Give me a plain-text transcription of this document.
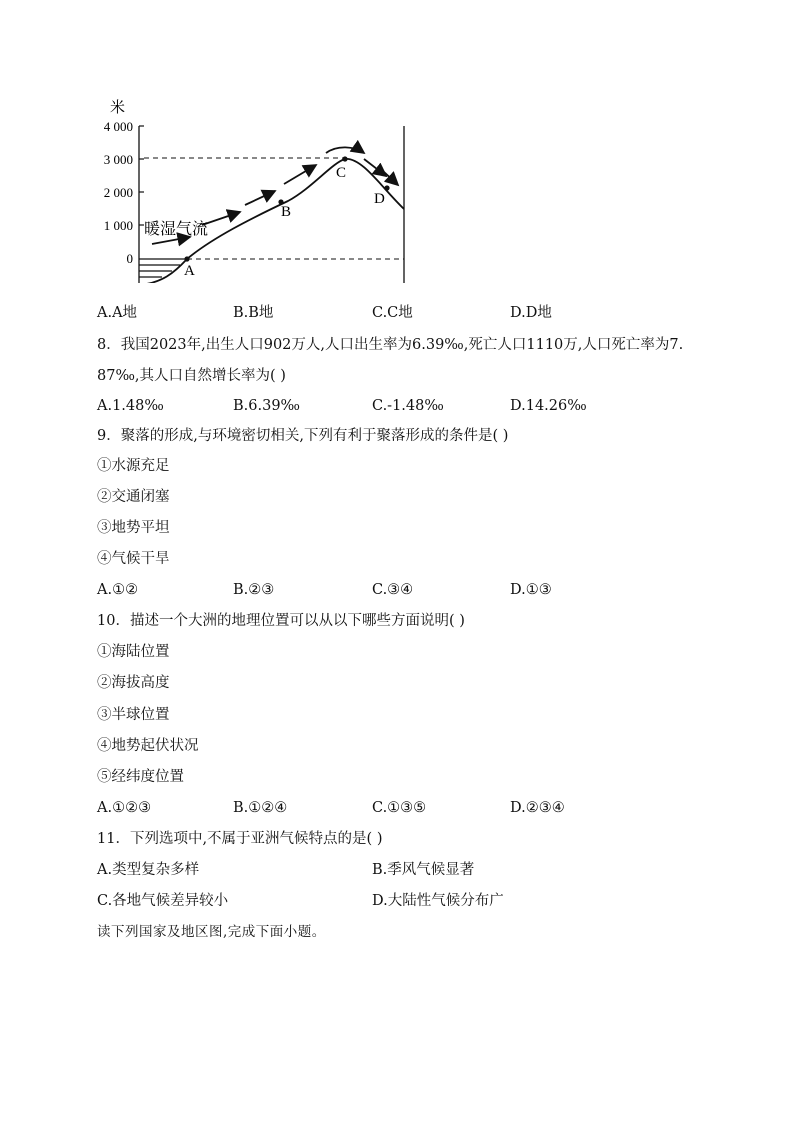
米
4 000
3 000
2 000
1 000
0
A
B
C
D
暖湿气流
A.A地	B.B地	C.C地	D.D地
8．我国2023年,出生人口902万人,人口出生率为6.39‰,死亡人口1110万,人口死亡率为7.
87‰,其人口自然增长率为( )
A.1.48‰	B.6.39‰	C.-1.48‰	D.14.26‰
9．聚落的形成,与环境密切相关,下列有利于聚落形成的条件是( )
①水源充足
②交通闭塞
③地势平坦
④气候干旱
A.①②	B.②③	C.③④	D.①③
10．描述一个大洲的地理位置可以从以下哪些方面说明( )
①海陆位置
②海拔高度
③半球位置
④地势起伏状况
⑤经纬度位置
A.①②③	B.①②④	C.①③⑤	D.②③④
11．下列选项中,不属于亚洲气候特点的是( )
A.类型复杂多样	B.季风气候显著
C.各地气候差异较小	D.大陆性气候分布广
读下列国家及地区图,完成下面小题。
